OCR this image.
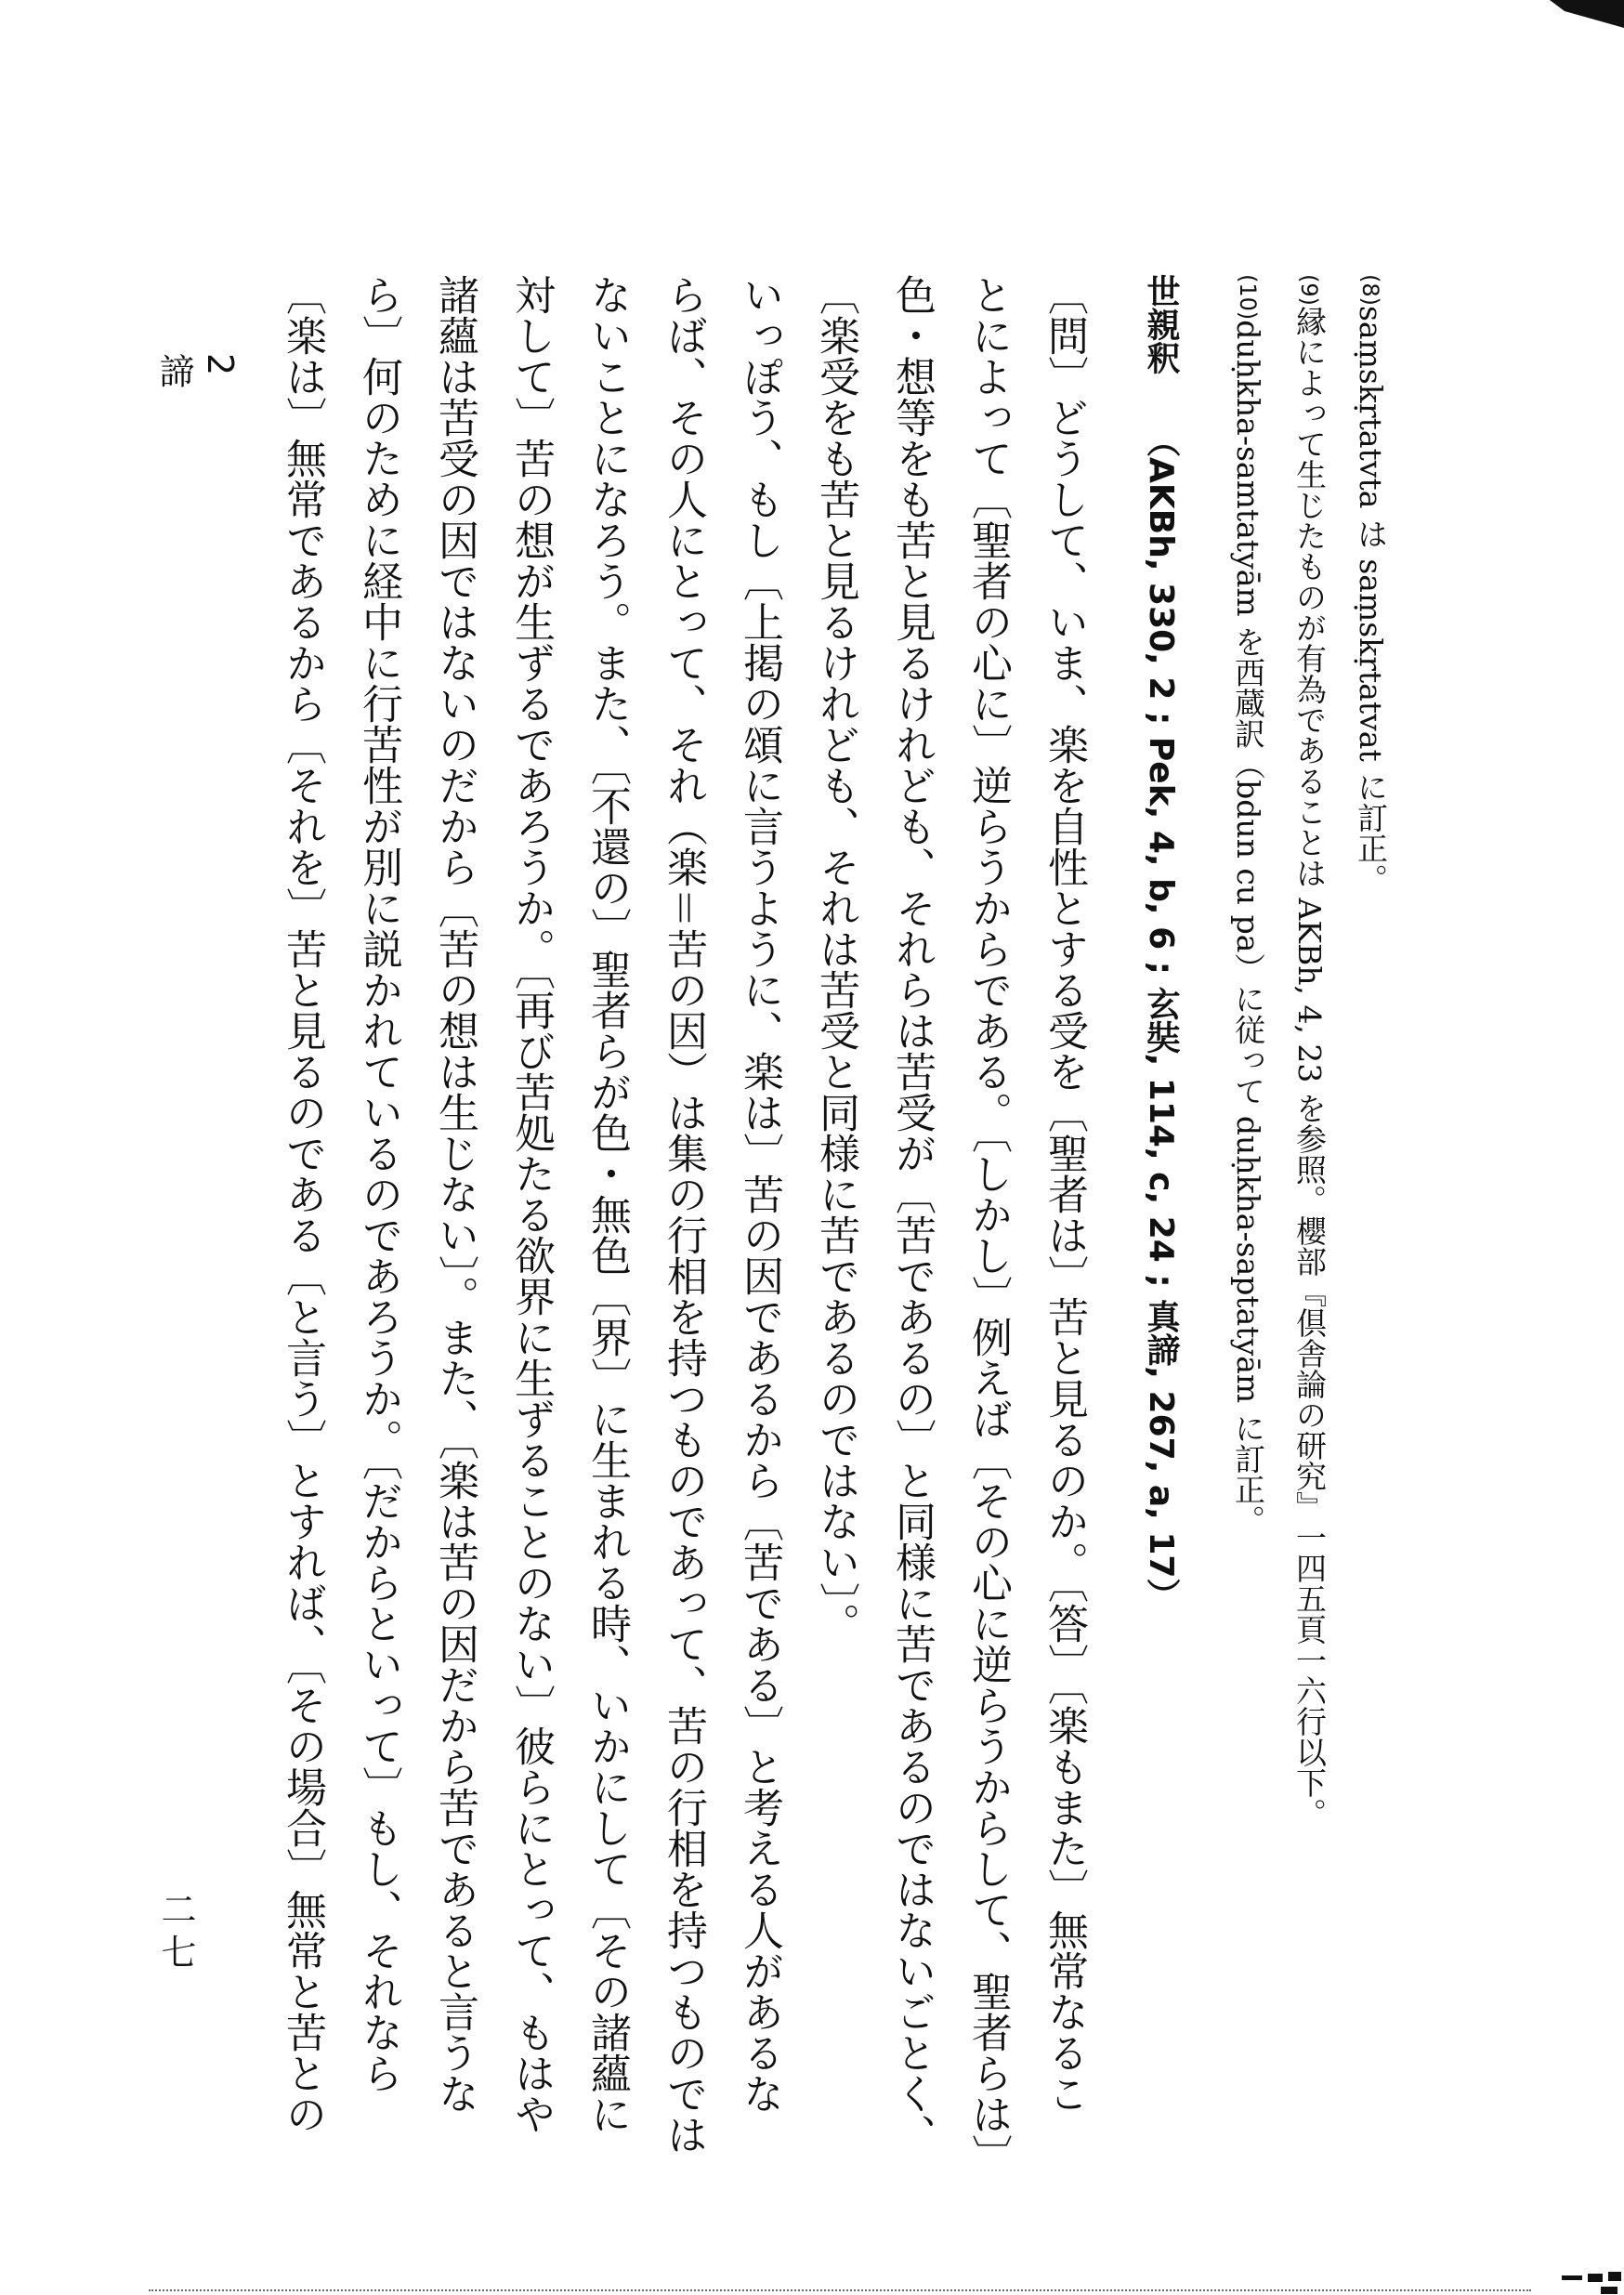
(8)saṃskṛtatvta は saṃskṛtatvat に訂正。
(9)縁によって生じたものが有為であることは AKBh, 4, 23 を参照。櫻部『倶舎論の研究』一四五頁一六行以下。
(10)duḥkha-samtatyām を西蔵訳（bdun cu pa）に従って duḥkha-saptatyām に訂正。
世親釈 （AKBh, 330, 2 ; Pek, 4, b, 6 ; 玄奘, 114, c, 24 ; 真諦, 267, a, 17）
〔問〕どうして、いま、楽を自性とする受を〔聖者は〕苦と見るのか。〔答〕〔楽もまた〕無常なるこ
とによって〔聖者の心に〕逆らうからである。〔しかし〕例えば〔その心に逆らうからして、聖者らは〕
色・想等をも苦と見るけれども、それらは苦受が〔苦であるの〕と同様に苦であるのではないごとく、
〔楽受をも苦と見るけれども、それは苦受と同様に苦であるのではない〕。
いっぽう、もし〔上掲の頌に言うように、楽は〕苦の因であるから〔苦である〕と考える人があるな
らば、その人にとって、それ（楽＝苦の因）は集の行相を持つものであって、苦の行相を持つものでは
ないことになろう。また、〔不還の〕聖者らが色・無色〔界〕に生まれる時、いかにして〔その諸蘊に
対して〕苦の想が生ずるであろうか。〔再び苦処たる欲界に生ずることのない〕彼らにとって、もはや
諸蘊は苦受の因ではないのだから〔苦の想は生じない〕。また、〔楽は苦の因だから苦であると言うな
ら〕何のために経中に行苦性が別に説かれているのであろうか。〔だからといって〕もし、それなら
〔楽は〕無常であるから〔それを〕苦と見るのである〔と言う〕とすれば、〔その場合〕無常と苦との
2
諦
二七
